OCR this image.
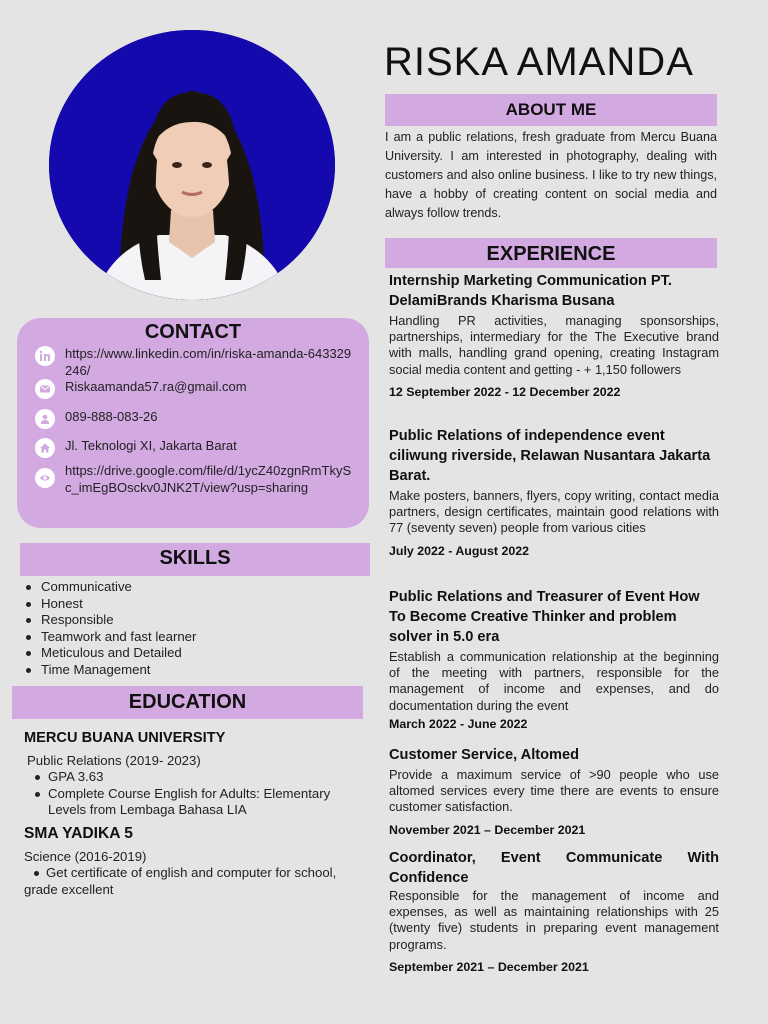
RISKA AMANDA
ABOUT ME
I am a public relations, fresh graduate from Mercu Buana University. I am interested in photography, dealing with customers and also online business. I like to try new things, have a hobby of creating content on social media and always follow trends.
EXPERIENCE
Internship Marketing Communication PT. DelamiBrands Kharisma Busana
Handling PR activities, managing sponsorships, partnerships, intermediary for the The Executive brand with malls, handling grand opening, creating Instagram social media content and getting - + 1,150 followers
12 September 2022 - 12 December 2022
Public Relations of independence event ciliwung riverside, Relawan Nusantara Jakarta Barat.
Make posters, banners, flyers, copy writing, contact media partners, design certificates, maintain good relations with 77 (seventy seven) people from various cities
July 2022 - August 2022
Public Relations and Treasurer of Event How To Become Creative Thinker and problem solver in 5.0 era
Establish a communication relationship at the beginning of the meeting with partners, responsible for the management of income and expenses, and do documentation during the event
March 2022 - June 2022
Customer Service, Altomed
Provide a maximum service of >90 people who use altomed services every time there are events to ensure customer satisfaction.
November 2021 – December 2021
Coordinator, Event Communicate With Confidence
Responsible for the management of income and expenses, as well as maintaining relationships with 25 (twenty five) students in preparing event management programs.
September 2021 – December 2021
CONTACT
https://www.linkedin.com/in/riska-amanda-643329246/
Riskaamanda57.ra@gmail.com
089-888-083-26
Jl. Teknologi XI, Jakarta Barat
https://drive.google.com/file/d/1ycZ40zgnRmTkySc_imEgBOsckv0JNK2T/view?usp=sharing
SKILLS
Communicative
Honest
Responsible
Teamwork and fast learner
Meticulous and Detailed
Time Management
EDUCATION
MERCU BUANA UNIVERSITY
Public Relations (2019- 2023)
GPA 3.63
Complete Course English for Adults: Elementary Levels from Lembaga Bahasa LIA
SMA YADIKA 5
Science (2016-2019)
Get certificate of english and computer for school, grade excellent
